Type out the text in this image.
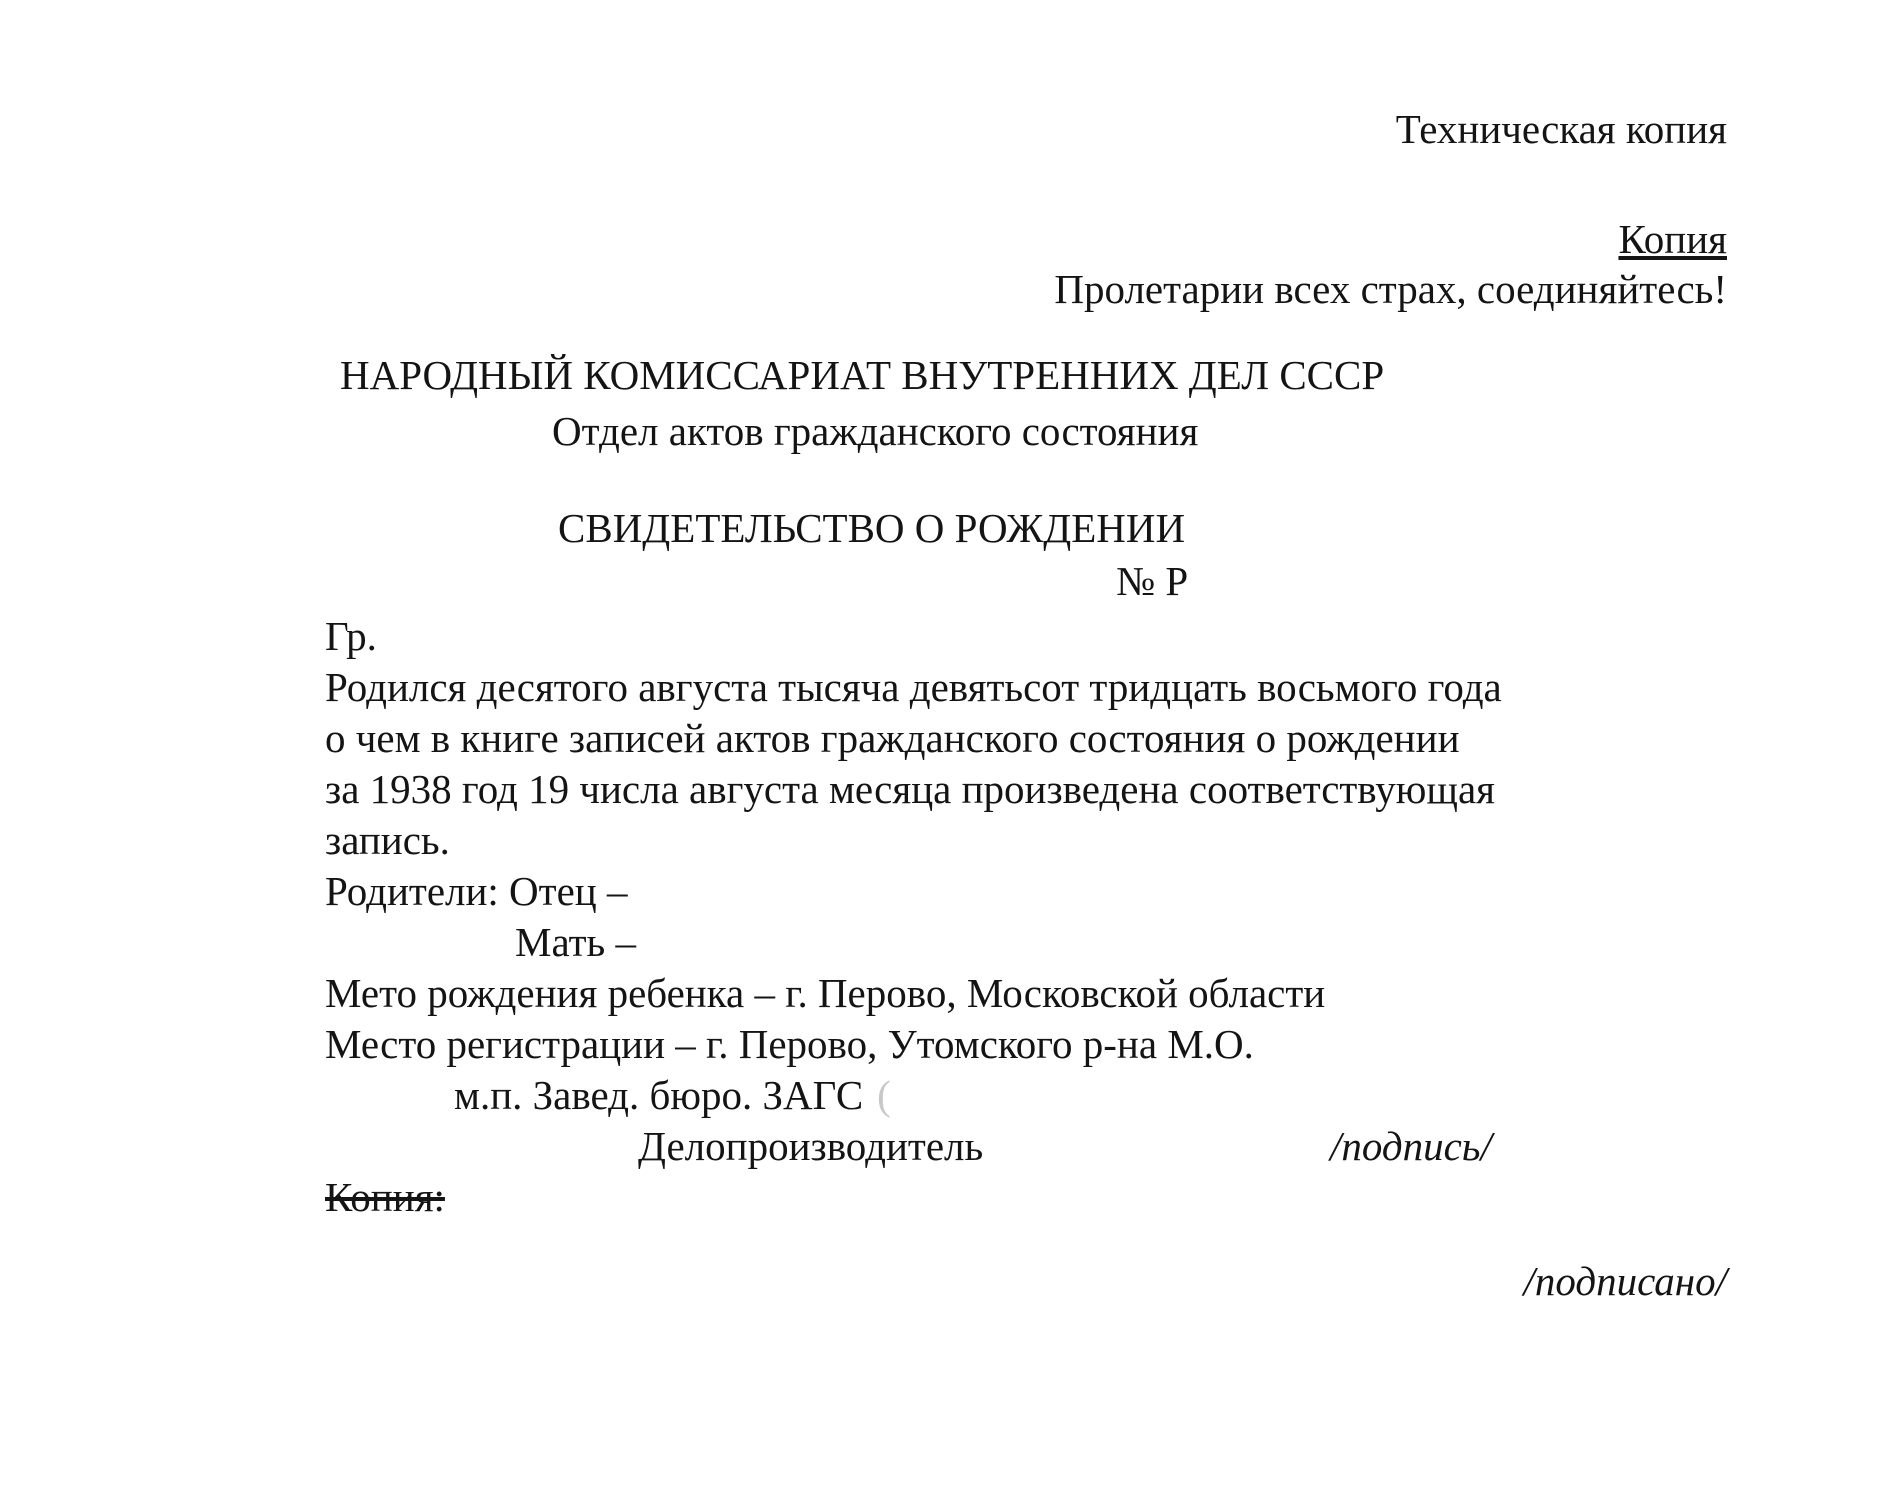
Техническая копия
Копия
Пролетарии всех страх, соединяйтесь!
НАРОДНЫЙ КОМИССАРИАТ ВНУТРЕННИХ ДЕЛ СССР
Отдел актов гражданского состояния
СВИДЕТЕЛЬСТВО О РОЖДЕНИИ
№ Р
Гр.
Родился десятого августа тысяча девятьсот тридцать восьмого года
о чем в книге записей актов гражданского состояния о рождении
за 1938 год 19 числа августа месяца произведена соответствующая
запись.
Родители: Отец –
Мать –
Мето рождения ребенка – г. Перово, Московской области
Место регистрации – г. Перово, Утомского р-на М.О.
м.п. Завед. бюро. ЗАГС (
Делопроизводитель	/подпись/
Копия:
/подписано/
